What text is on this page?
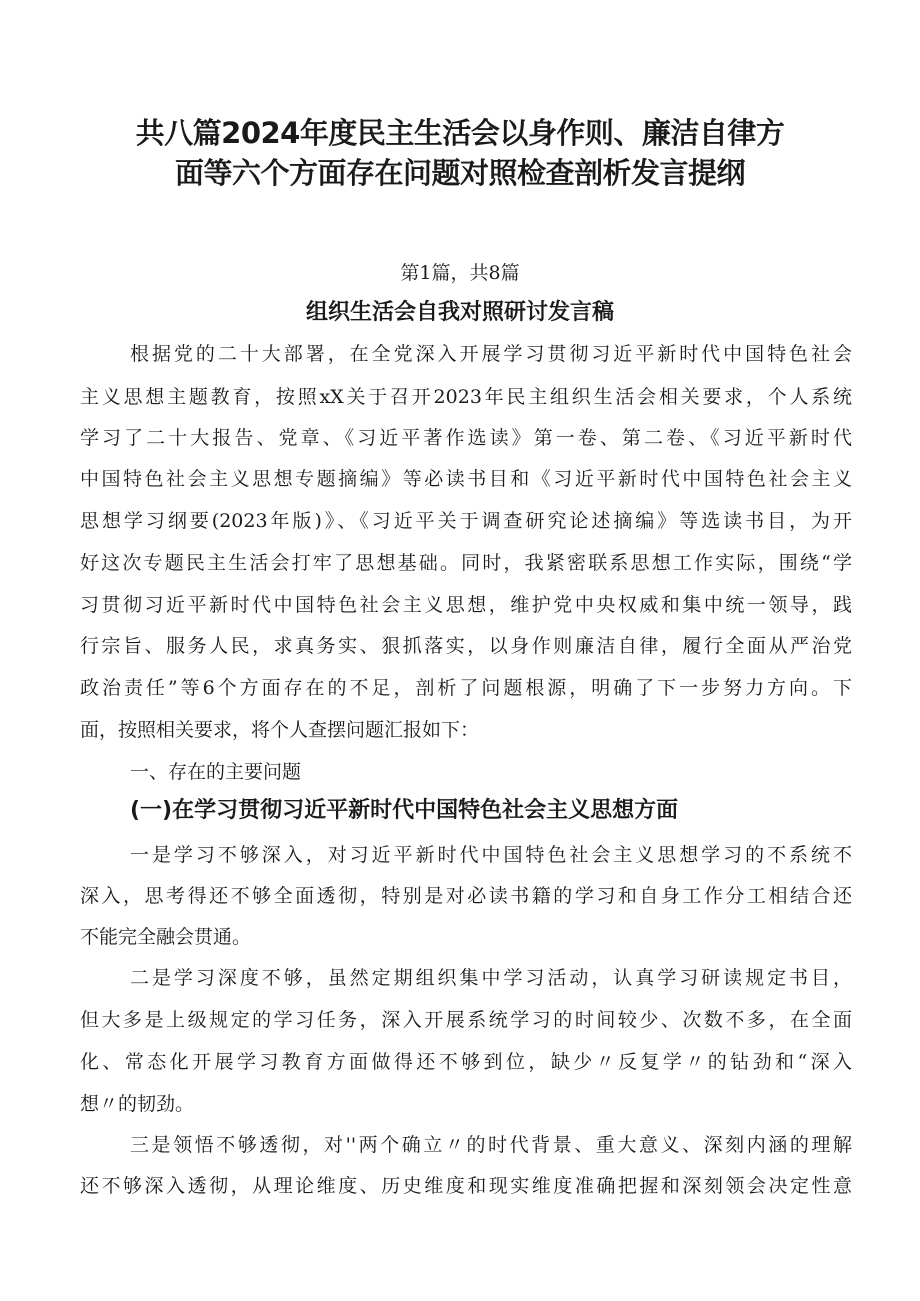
共八篇2024年度民主生活会以身作则、廉洁自律方
面等六个方面存在问题对照检查剖析发言提纲
第1篇，共8篇
组织生活会自我对照研讨发言稿
根据党的二十大部署，在全党深入开展学习贯彻习近平新时代中国特色社会
主义思想主题教育，按照xX关于召开2023年民主组织生活会相关要求，个人系统
学习了二十大报告、党章、《习近平著作选读》第一卷、第二卷、《习近平新时代
中国特色社会主义思想专题摘编》等必读书目和《习近平新时代中国特色社会主义
思想学习纲要(2023年版)》、《习近平关于调查研究论述摘编》等选读书目，为开
好这次专题民主生活会打牢了思想基础。同时，我紧密联系思想工作实际，围绕“学
习贯彻习近平新时代中国特色社会主义思想，维护党中央权威和集中统一领导，践
行宗旨、服务人民，求真务实、狠抓落实，以身作则廉洁自律，履行全面从严治党
政治责任”等6个方面存在的不足，剖析了问题根源，明确了下一步努力方向。下
面，按照相关要求，将个人查摆问题汇报如下：
一、存在的主要问题
(一)在学习贯彻习近平新时代中国特色社会主义思想方面
一是学习不够深入，对习近平新时代中国特色社会主义思想学习的不系统不
深入，思考得还不够全面透彻，特别是对必读书籍的学习和自身工作分工相结合还
不能完全融会贯通。
二是学习深度不够，虽然定期组织集中学习活动，认真学习研读规定书目，
但大多是上级规定的学习任务，深入开展系统学习的时间较少、次数不多，在全面
化、常态化开展学习教育方面做得还不够到位，缺少〃反复学〃的钻劲和“深入
想〃的韧劲。
三是领悟不够透彻，对''两个确立〃的时代背景、重大意义、深刻内涵的理解
还不够深入透彻，从理论维度、历史维度和现实维度准确把握和深刻领会决定性意
